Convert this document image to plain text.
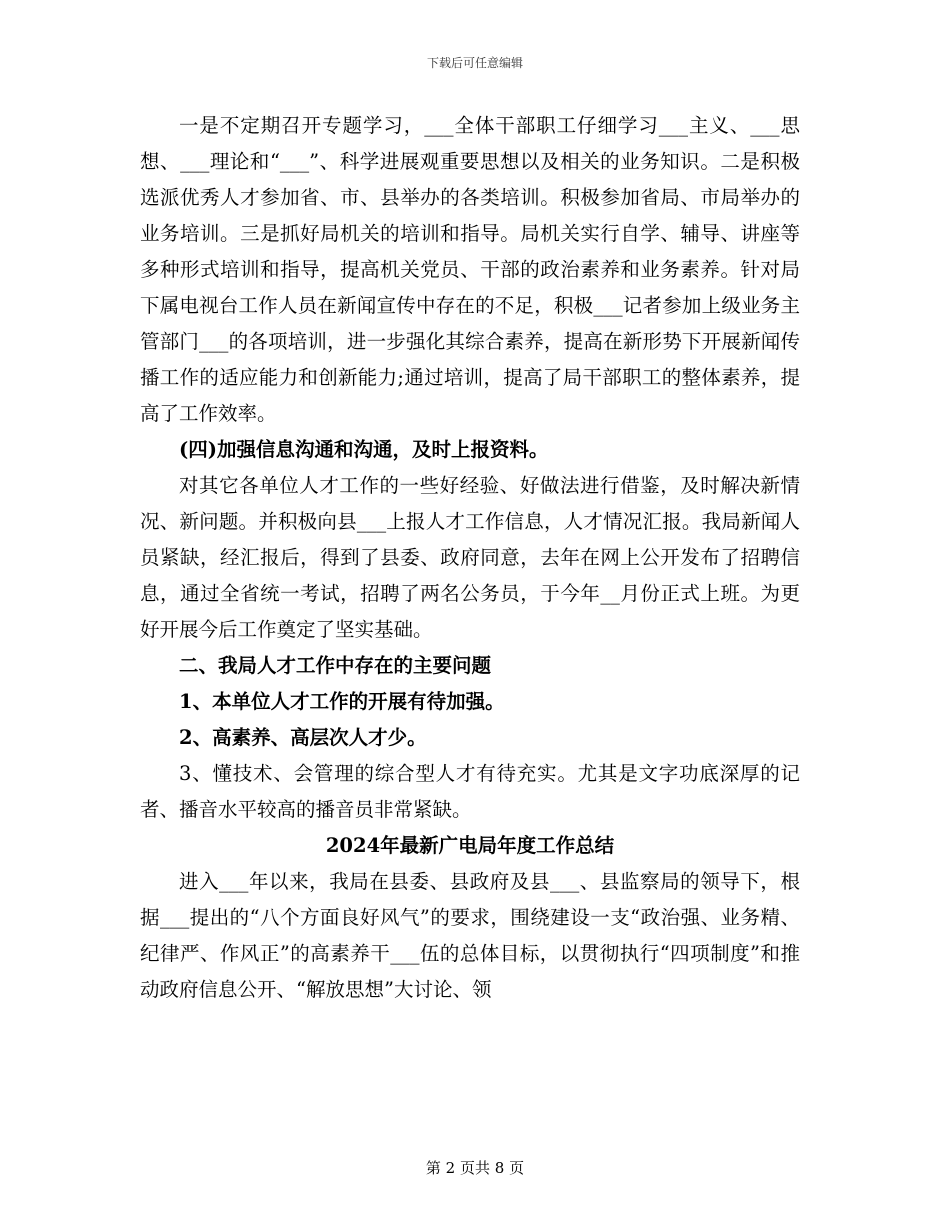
下载后可任意编辑

一是不定期召开专题学习，___全体干部职工仔细学习___主义、___思想、___理论和“___”、科学进展观重要思想以及相关的业务知识。二是积极选派优秀人才参加省、市、县举办的各类培训。积极参加省局、市局举办的业务培训。三是抓好局机关的培训和指导。局机关实行自学、辅导、讲座等多种形式培训和指导，提高机关党员、干部的政治素养和业务素养。针对局下属电视台工作人员在新闻宣传中存在的不足，积极___记者参加上级业务主管部门___的各项培训，进一步强化其综合素养，提高在新形势下开展新闻传播工作的适应能力和创新能力;通过培训，提高了局干部职工的整体素养，提高了工作效率。

(四)加强信息沟通和沟通，及时上报资料。

对其它各单位人才工作的一些好经验、好做法进行借鉴，及时解决新情况、新问题。并积极向县___上报人才工作信息，人才情况汇报。我局新闻人员紧缺，经汇报后，得到了县委、政府同意，去年在网上公开发布了招聘信息，通过全省统一考试，招聘了两名公务员，于今年__月份正式上班。为更好开展今后工作奠定了坚实基础。

二、我局人才工作中存在的主要问题

1、本单位人才工作的开展有待加强。

2、高素养、高层次人才少。

3、懂技术、会管理的综合型人才有待充实。尤其是文字功底深厚的记者、播音水平较高的播音员非常紧缺。

2024年最新广电局年度工作总结

进入___年以来，我局在县委、县政府及县___、县监察局的领导下，根据___提出的“八个方面良好风气”的要求，围绕建设一支“政治强、业务精、纪律严、作风正”的高素养干___伍的总体目标，以贯彻执行“四项制度”和推动政府信息公开、“解放思想”大讨论、领

第 2 页共 8 页
